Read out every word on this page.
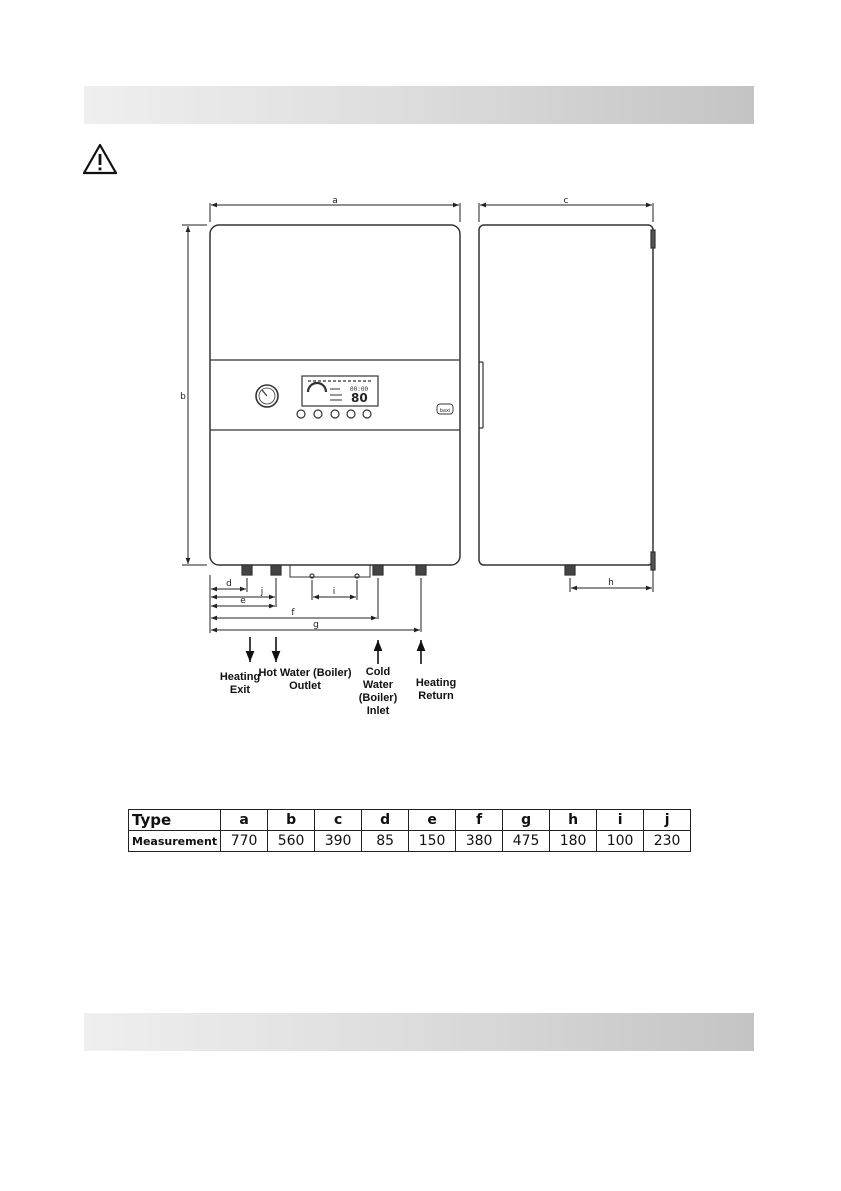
a	c
b
d
j	i
e
f
g
h
80
00:00
baxi
Heating
Exit
Hot Water (Boiler)
Outlet
Cold Water
(Boiler)
Inlet
Heating
Return
Type	a	b	c	d	e	f	g	h	i	j
Measurement	770	560	390	85	150	380	475	180	100	230
